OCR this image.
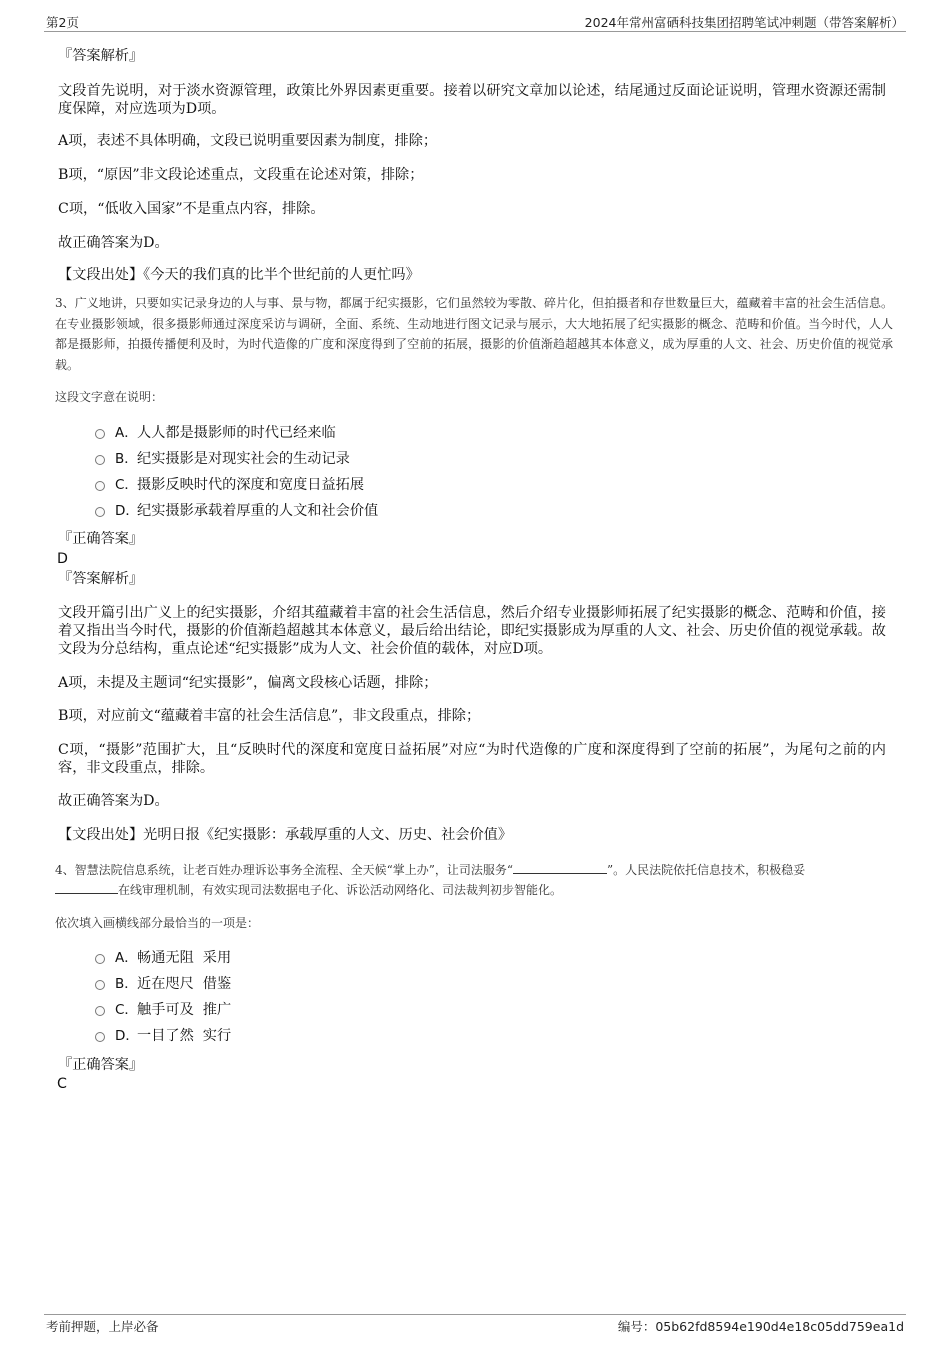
第2页	2024年常州富硒科技集团招聘笔试冲刺题（带答案解析）
『答案解析』
文段首先说明，对于淡水资源管理，政策比外界因素更重要。接着以研究文章加以论述，结尾通过反面论证说明，管理水资源还需制度保障，对应选项为D项。
A项，表述不具体明确，文段已说明重要因素为制度，排除；
B项，“原因”非文段论述重点，文段重在论述对策，排除；
C项，“低收入国家”不是重点内容，排除。
故正确答案为D。
【文段出处】《今天的我们真的比半个世纪前的人更忙吗》
3、广义地讲，只要如实记录身边的人与事、景与物，都属于纪实摄影，它们虽然较为零散、碎片化，但拍摄者和存世数量巨大，蕴藏着丰富的社会生活信息。在专业摄影领域，很多摄影师通过深度采访与调研，全面、系统、生动地进行图文记录与展示，大大地拓展了纪实摄影的概念、范畴和价值。当今时代，人人都是摄影师，拍摄传播便利及时，为时代造像的广度和深度得到了空前的拓展，摄影的价值渐趋超越其本体意义，成为厚重的人文、社会、历史价值的视觉承载。
这段文字意在说明：
A．人人都是摄影师的时代已经来临
B．纪实摄影是对现实社会的生动记录
C．摄影反映时代的深度和宽度日益拓展
D．纪实摄影承载着厚重的人文和社会价值
『正确答案』
D
『答案解析』
文段开篇引出广义上的纪实摄影，介绍其蕴藏着丰富的社会生活信息，然后介绍专业摄影师拓展了纪实摄影的概念、范畴和价值，接着又指出当今时代，摄影的价值渐趋超越其本体意义，最后给出结论，即纪实摄影成为厚重的人文、社会、历史价值的视觉承载。故文段为分总结构，重点论述“纪实摄影”成为人文、社会价值的载体，对应D项。
A项，未提及主题词“纪实摄影”，偏离文段核心话题，排除；
B项，对应前文“蕴藏着丰富的社会生活信息”，非文段重点，排除；
C项，“摄影”范围扩大，且“反映时代的深度和宽度日益拓展”对应“为时代造像的广度和深度得到了空前的拓展”，为尾句之前的内容，非文段重点，排除。
故正确答案为D。
【文段出处】光明日报《纪实摄影：承载厚重的人文、历史、社会价值》
4、智慧法院信息系统，让老百姓办理诉讼事务全流程、全天候“掌上办”，让司法服务“	”。人民法院依托信息技术，积极稳妥
在线审理机制，有效实现司法数据电子化、诉讼活动网络化、司法裁判初步智能化。
依次填入画横线部分最恰当的一项是：
A．畅通无阻  采用
B．近在咫尺  借鉴
C．触手可及  推广
D．一目了然  实行
『正确答案』
C
考前押题，上岸必备	编号：05b62fd8594e190d4e18c05dd759ea1d
